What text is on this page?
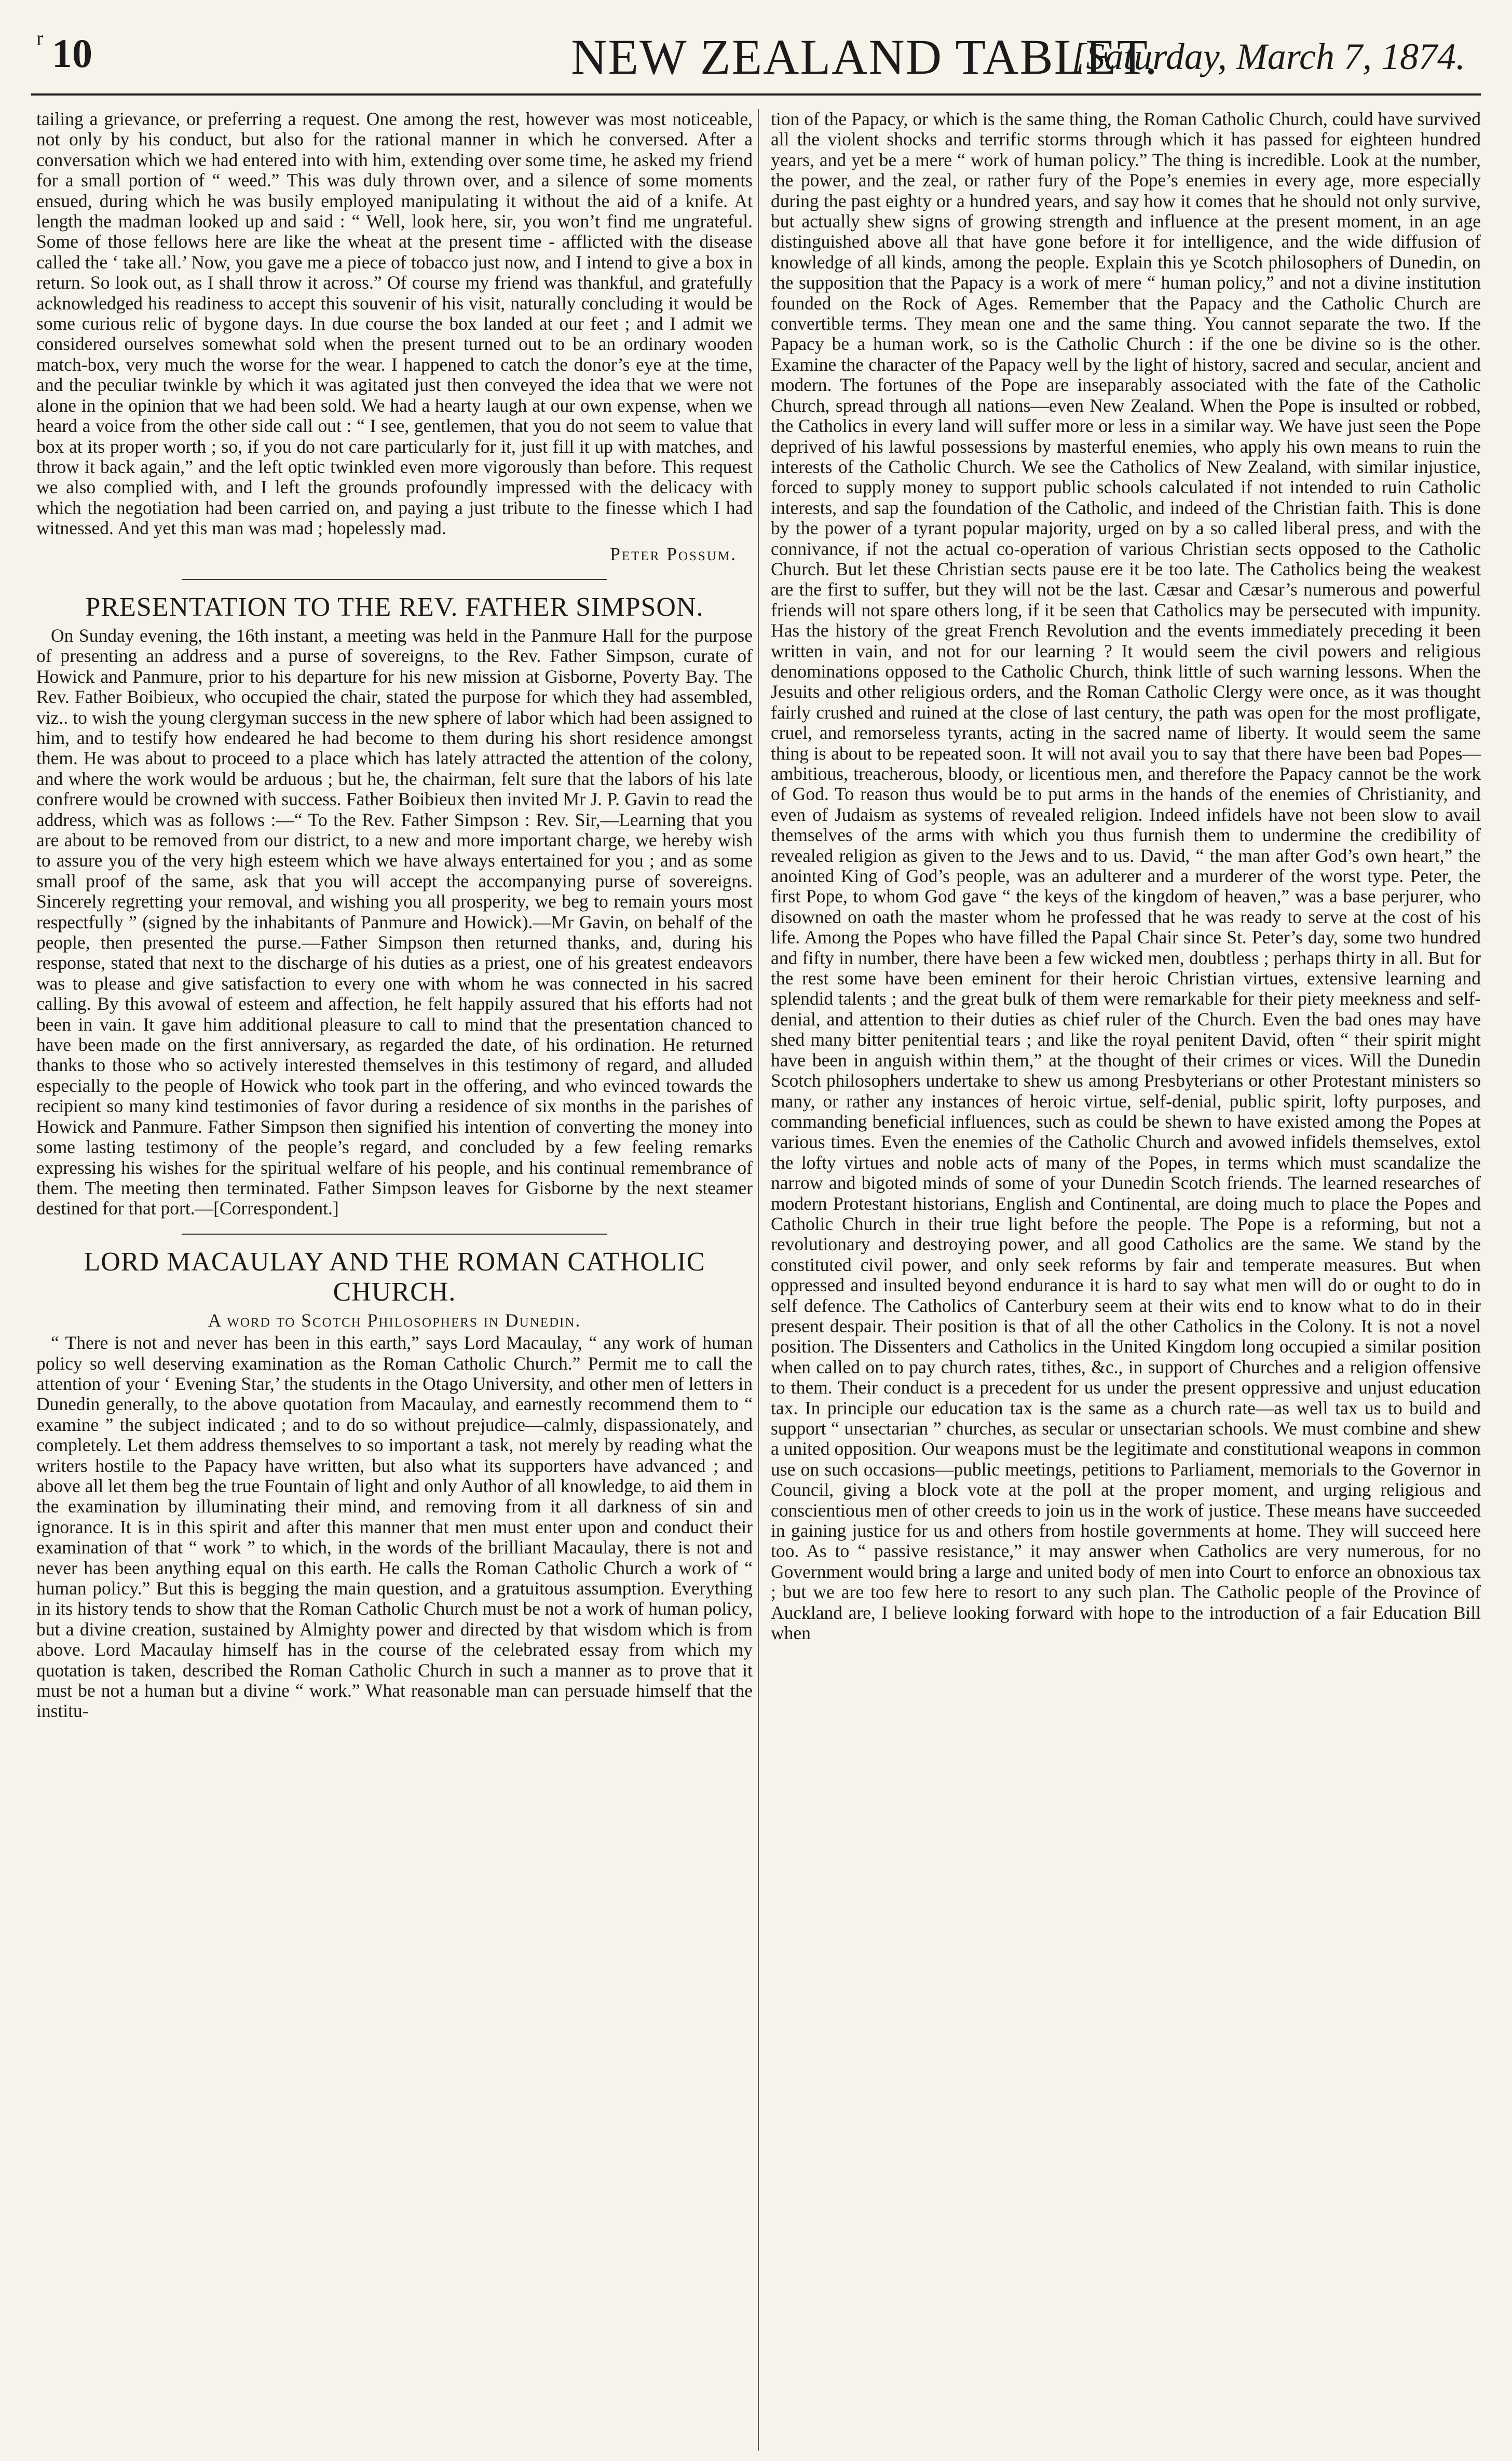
r 10	NEW ZEALAND TABLET.
[Saturday, March 7, 1874.

tailing a grievance, or preferring a request. One among the rest, however was most noticeable, not only by his conduct, but also for the rational manner in which he conversed. After a conversation which we had entered into with him, extending over some time, he asked my friend for a small portion of “ weed.” This was duly thrown over, and a silence of some moments ensued, during which he was busily employed manipulating it without the aid of a knife. At length the madman looked up and said : “ Well, look here, sir, you won’t find me ungrateful. Some of those fellows here are like the wheat at the present time - afflicted with the disease called the ‘ take all.’ Now, you gave me a piece of tobacco just now, and I intend to give a box in return. So look out, as I shall throw it across.” Of course my friend was thankful, and gratefully acknowledged his readiness to accept this souvenir of his visit, naturally concluding it would be some curious relic of bygone days. In due course the box landed at our feet ; and I admit we considered ourselves somewhat sold when the present turned out to be an ordinary wooden match-box, very much the worse for the wear. I happened to catch the donor’s eye at the time, and the peculiar twinkle by which it was agitated just then conveyed the idea that we were not alone in the opinion that we had been sold. We had a hearty laugh at our own expense, when we heard a voice from the other side call out : “ I see, gentlemen, that you do not seem to value that box at its proper worth ; so, if you do not care particularly for it, just fill it up with matches, and throw it back again,” and the left optic twinkled even more vigorously than before. This request we also complied with, and I left the grounds profoundly impressed with the delicacy with which the negotiation had been carried on, and paying a just tribute to the finesse which I had witnessed. And yet this man was mad ; hopelessly mad.

Peter Possum.
PRESENTATION TO THE REV. FATHER SIMPSON.

On Sunday evening, the 16th instant, a meeting was held in the Panmure Hall for the purpose of presenting an address and a purse of sovereigns, to the Rev. Father Simpson, curate of Howick and Panmure, prior to his departure for his new mission at Gisborne, Poverty Bay. The Rev. Father Boibieux, who occupied the chair, stated the purpose for which they had assembled, viz.. to wish the young clergyman success in the new sphere of labor which had been assigned to him, and to testify how endeared he had become to them during his short residence amongst them. He was about to proceed to a place which has lately attracted the attention of the colony, and where the work would be arduous ; but he, the chairman, felt sure that the labors of his late confrere would be crowned with success. Father Boibieux then invited Mr J. P. Gavin to read the address, which was as follows :—“ To the Rev. Father Simpson : Rev. Sir,—Learning that you are about to be removed from our district, to a new and more important charge, we hereby wish to assure you of the very high esteem which we have always entertained for you ; and as some small proof of the same, ask that you will accept the accompanying purse of sovereigns. Sincerely regretting your removal, and wishing you all prosperity, we beg to remain yours most respectfully ” (signed by the inhabitants of Panmure and Howick).—Mr Gavin, on behalf of the people, then presented the purse.—Father Simpson then returned thanks, and, during his response, stated that next to the discharge of his duties as a priest, one of his greatest endeavors was to please and give satisfaction to every one with whom he was connected in his sacred calling. By this avowal of esteem and affection, he felt happily assured that his efforts had not been in vain. It gave him additional pleasure to call to mind that the presentation chanced to have been made on the first anniversary, as regarded the date, of his ordination. He returned thanks to those who so actively interested themselves in this testimony of regard, and alluded especially to the people of Howick who took part in the offering, and who evinced towards the recipient so many kind testimonies of favor during a residence of six months in the parishes of Howick and Panmure. Father Simpson then signified his intention of converting the money into some lasting testimony of the people’s regard, and concluded by a few feeling remarks expressing his wishes for the spiritual welfare of his people, and his continual remembrance of them. The meeting then terminated. Father Simpson leaves for Gisborne by the next steamer destined for that port.—[Correspondent.]

LORD MACAULAY AND THE ROMAN CATHOLIC CHURCH.
A word to Scotch Philosophers in Dunedin.

“ There is not and never has been in this earth,” says Lord Macaulay, “ any work of human policy so well deserving examination as the Roman Catholic Church.” Permit me to call the attention of your ‘ Evening Star,’ the students in the Otago University, and other men of letters in Dunedin generally, to the above quotation from Macaulay, and earnestly recommend them to “ examine ” the subject indicated ; and to do so without prejudice—calmly, dispassionately, and completely. Let them address themselves to so important a task, not merely by reading what the writers hostile to the Papacy have written, but also what its supporters have advanced ; and above all let them beg the true Fountain of light and only Author of all knowledge, to aid them in the examination by illuminating their mind, and removing from it all darkness of sin and ignorance. It is in this spirit and after this manner that men must enter upon and conduct their examination of that “ work ” to which, in the words of the brilliant Macaulay, there is not and never has been anything equal on this earth. He calls the Roman Catholic Church a work of “ human policy.” But this is begging the main question, and a gratuitous assumption. Everything in its history tends to show that the Roman Catholic Church must be not a work of human policy, but a divine creation, sustained by Almighty power and directed by that wisdom which is from above. Lord Macaulay himself has in the course of the celebrated essay from which my quotation is taken, described the Roman Catholic Church in such a manner as to prove that it must be not a human but a divine “ work.” What reasonable man can persuade himself that the institu-

tion of the Papacy, or which is the same thing, the Roman Catholic Church, could have survived all the violent shocks and terrific storms through which it has passed for eighteen hundred years, and yet be a mere “ work of human policy.” The thing is incredible. Look at the number, the power, and the zeal, or rather fury of the Pope’s enemies in every age, more especially during the past eighty or a hundred years, and say how it comes that he should not only survive, but actually shew signs of growing strength and influence at the present moment, in an age distinguished above all that have gone before it for intelligence, and the wide diffusion of knowledge of all kinds, among the people. Explain this ye Scotch philosophers of Dunedin, on the supposition that the Papacy is a work of mere “ human policy,” and not a divine institution founded on the Rock of Ages. Remember that the Papacy and the Catholic Church are convertible terms. They mean one and the same thing. You cannot separate the two. If the Papacy be a human work, so is the Catholic Church : if the one be divine so is the other. Examine the character of the Papacy well by the light of history, sacred and secular, ancient and modern. The fortunes of the Pope are inseparably associated with the fate of the Catholic Church, spread through all nations—even New Zealand. When the Pope is insulted or robbed, the Catholics in every land will suffer more or less in a similar way. We have just seen the Pope deprived of his lawful possessions by masterful enemies, who apply his own means to ruin the interests of the Catholic Church. We see the Catholics of New Zealand, with similar injustice, forced to supply money to support public schools calculated if not intended to ruin Catholic interests, and sap the foundation of the Catholic, and indeed of the Christian faith. This is done by the power of a tyrant popular majority, urged on by a so called liberal press, and with the connivance, if not the actual co-operation of various Christian sects opposed to the Catholic Church. But let these Christian sects pause ere it be too late. The Catholics being the weakest are the first to suffer, but they will not be the last. Cæsar and Cæsar’s numerous and powerful friends will not spare others long, if it be seen that Catholics may be persecuted with impunity. Has the history of the great French Revolution and the events immediately preceding it been written in vain, and not for our learning ? It would seem the civil powers and religious denominations opposed to the Catholic Church, think little of such warning lessons. When the Jesuits and other religious orders, and the Roman Catholic Clergy were once, as it was thought fairly crushed and ruined at the close of last century, the path was open for the most profligate, cruel, and remorseless tyrants, acting in the sacred name of liberty. It would seem the same thing is about to be repeated soon. It will not avail you to say that there have been bad Popes—ambitious, treacherous, bloody, or licentious men, and therefore the Papacy cannot be the work of God. To reason thus would be to put arms in the hands of the enemies of Christianity, and even of Judaism as systems of revealed religion. Indeed infidels have not been slow to avail themselves of the arms with which you thus furnish them to undermine the credibility of revealed religion as given to the Jews and to us. David, “ the man after God’s own heart,” the anointed King of God’s people, was an adulterer and a murderer of the worst type. Peter, the first Pope, to whom God gave “ the keys of the kingdom of heaven,” was a base perjurer, who disowned on oath the master whom he professed that he was ready to serve at the cost of his life. Among the Popes who have filled the Papal Chair since St. Peter’s day, some two hundred and fifty in number, there have been a few wicked men, doubtless ; perhaps thirty in all. But for the rest some have been eminent for their heroic Christian virtues, extensive learning and splendid talents ; and the great bulk of them were remarkable for their piety meekness and self-denial, and attention to their duties as chief ruler of the Church. Even the bad ones may have shed many bitter penitential tears ; and like the royal penitent David, often “ their spirit might have been in anguish within them,” at the thought of their crimes or vices. Will the Dunedin Scotch philosophers undertake to shew us among Presbyterians or other Protestant ministers so many, or rather any instances of heroic virtue, self-denial, public spirit, lofty purposes, and commanding beneficial influences, such as could be shewn to have existed among the Popes at various times. Even the enemies of the Catholic Church and avowed infidels themselves, extol the lofty virtues and noble acts of many of the Popes, in terms which must scandalize the narrow and bigoted minds of some of your Dunedin Scotch friends. The learned researches of modern Protestant historians, English and Continental, are doing much to place the Popes and Catholic Church in their true light before the people. The Pope is a reforming, but not a revolutionary and destroying power, and all good Catholics are the same. We stand by the constituted civil power, and only seek reforms by fair and temperate measures. But when oppressed and insulted beyond endurance it is hard to say what men will do or ought to do in self defence. The Catholics of Canterbury seem at their wits end to know what to do in their present despair. Their position is that of all the other Catholics in the Colony. It is not a novel position. The Dissenters and Catholics in the United Kingdom long occupied a similar position when called on to pay church rates, tithes, &c., in support of Churches and a religion offensive to them. Their conduct is a precedent for us under the present oppressive and unjust education tax. In principle our education tax is the same as a church rate—as well tax us to build and support “ unsectarian ” churches, as secular or unsectarian schools. We must combine and shew a united opposition. Our weapons must be the legitimate and constitutional weapons in common use on such occasions—public meetings, petitions to Parliament, memorials to the Governor in Council, giving a block vote at the poll at the proper moment, and urging religious and conscientious men of other creeds to join us in the work of justice. These means have succeeded in gaining justice for us and others from hostile governments at home. They will succeed here too. As to “ passive resistance,” it may answer when Catholics are very numerous, for no Government would bring a large and united body of men into Court to enforce an obnoxious tax ; but we are too few here to resort to any such plan. The Catholic people of the Province of Auckland are, I believe looking forward with hope to the introduction of a fair Education Bill when
